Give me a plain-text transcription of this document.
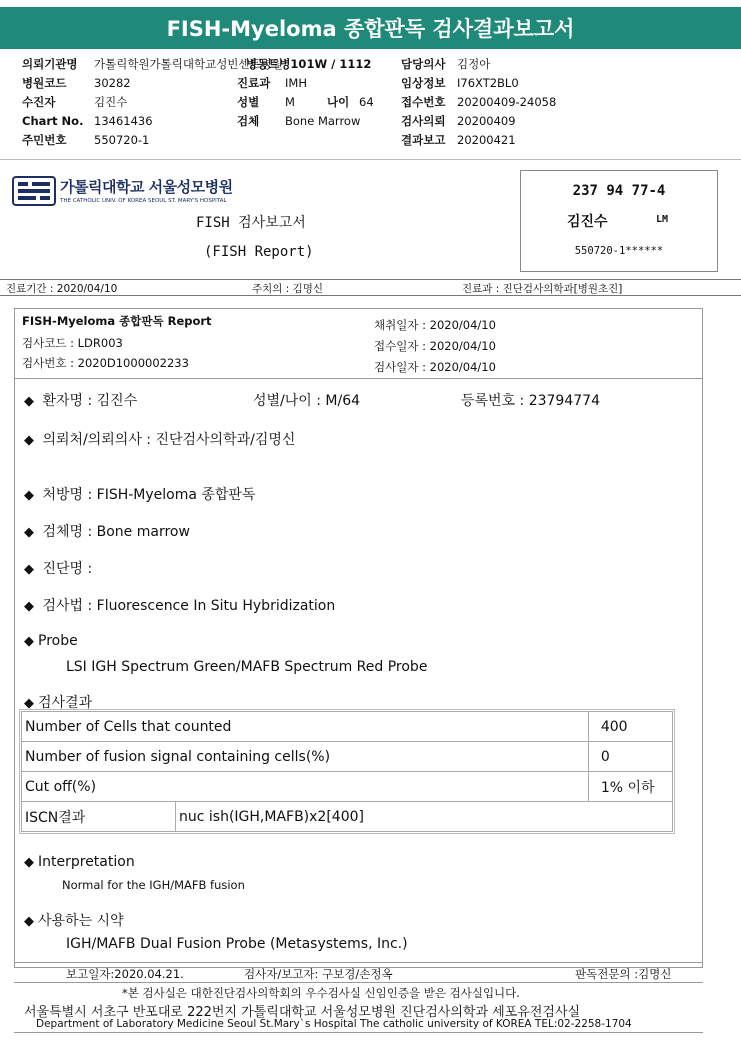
FISH-Myeloma 종합판독 검사결과보고서
의뢰기관명 가톨릭학원가톨릭대학교성빈센트병원
병원코드 30282
수진자	김진수
Chart No. 13461436
주민번호 550720-1
병동트병101W / 1112
진료과 IMH
성별 M	나이 64
검체 Bone Marrow
담당의사 김정아
임상정보 I76XT2BL0
접수번호 20200409-24058
검사의뢰 20200409
결과보고 20200421
가톨릭대학교 서울성모병원
THE CATHOLIC UNIV. OF KOREA SEOUL ST. MARY'S HOSPITAL
FISH 검사보고서
(FISH Report)
237 94 77-4
김진수	LM
550720-1******
진료기간 : 2020/04/10	주치의 : 김명신	진료과 : 진단검사의학과[병원초진]
FISH-Myeloma 종합판독 Report
검사코드 : LDR003
검사번호 : 2020D1000002233
채취일자 : 2020/04/10
접수일자 : 2020/04/10
검사일자 : 2020/04/10
◆ 환자명 : 김진수	성별/나이 : M/64	등록번호 : 23794774
◆ 의뢰처/의뢰의사 : 진단검사의학과/김명신
◆ 처방명 : FISH-Myeloma 종합판독
◆ 검체명 : Bone marrow
◆ 진단명 :
◆ 검사법 : Fluorescence In Situ Hybridization
◆ Probe
LSI IGH Spectrum Green/MAFB Spectrum Red Probe
◆ 검사결과
Number of Cells that counted		400
Number of fusion signal containing cells(%)		0
Cut off(%)		1% 이하
ISCN결과	nuc ish(IGH,MAFB)x2[400]	
◆ Interpretation
Normal for the IGH/MAFB fusion
◆ 사용하는 시약
IGH/MAFB Dual Fusion Probe (Metasystems, Inc.)
보고일자:2020.04.21.	검사자/보고자: 구보경/손정옥	판독전문의 :김명신
*본 검사실은 대한진단검사의학회의 우수검사실 신임인증을 받은 검사실입니다.
서울특별시 서초구 반포대로 222번지 가톨릭대학교 서울성모병원 진단검사의학과 세포유전검사실
Department of Laboratory Medicine Seoul St.Mary`s Hospital The catholic university of KOREA TEL:02-2258-1704
